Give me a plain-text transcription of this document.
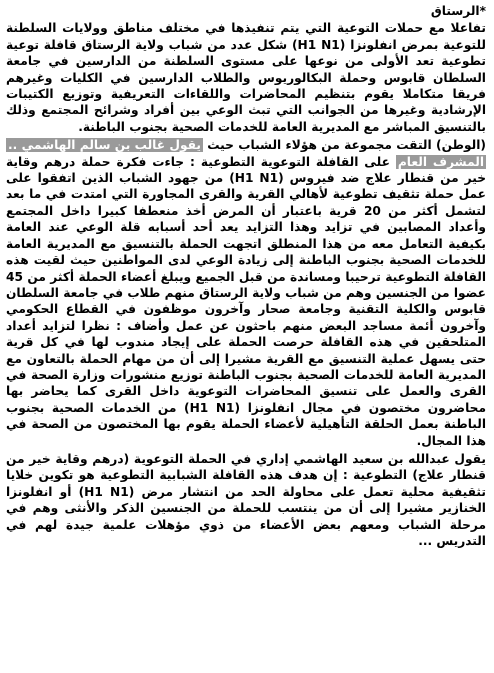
*الرستاق

تفاعلا مع حملات التوعية التي يتم تنفيذها في مختلف مناطق وولايات السلطنة للتوعية بمرض انفلونزا (H1 N1) شكل عدد من شباب ولاية الرستاق قافلة توعية تطوعية تعد الأولى من نوعها على مستوى السلطنة من الدارسين في جامعة السلطان قابوس وحملة البكالوريوس والطلاب الدارسين في الكليات وغيرهم فريقا متكاملا يقوم بتنظيم المحاضرات واللقاءات التعريفية وتوزيع الكتيبات الإرشادية وغيرها من الجوانب التي تبث الوعي بين أفراد وشرائح المجتمع وذلك بالتنسيق المباشر مع المديرية العامة للخدمات الصحية بجنوب الباطنة.

(الوطن) التقت مجموعة من هؤلاء الشباب حيث يقول غالب بن سالم الهاشمي .. المشرف العام على القافلة التوعوية التطوعية : جاءت فكرة حملة درهم وقاية خير من قنطار علاج ضد فيروس (H1 N1) من جهود الشباب الذين اتفقوا على عمل حملة تثقيف تطوعية لأهالي القرية والقرى المجاورة التي امتدت في ما بعد لتشمل أكثر من 20 قرية باعتبار أن المرض أخذ منعطفا كبيرا داخل المجتمع وأعداد المصابين في تزايد وهذا التزايد يعد أحد أسبابه قلة الوعي عند العامة بكيفية التعامل معه من هذا المنطلق اتجهت الحملة بالتنسيق مع المديرية العامة للخدمات الصحية بجنوب الباطنة إلى زيادة الوعي لدى المواطنين حيث لقيت هذه القافلة التطوعية ترحيبا ومساندة من قبل الجميع ويبلغ أعضاء الحملة أكثر من 45 عضوا من الجنسين وهم من شباب ولاية الرستاق منهم طلاب في جامعة السلطان قابوس والكلية التقنية وجامعة صحار وآخرون موظفون في القطاع الحكومي وآخرون أئمة مساجد البعض منهم باحثون عن عمل وأضاف : نظرا لتزايد أعداد المتلحقين في هذه القافلة حرصت الحملة على إيجاد مندوب لها في كل قرية حتى يسهل عملية التنسيق مع القرية مشيرا إلى أن من مهام الحملة بالتعاون مع المديرية العامة للخدمات الصحية بجنوب الباطنة توزيع منشورات وزارة الصحة في القرى والعمل على تنسيق المحاضرات التوعوية داخل القرى كما يحاضر بها محاضرون مختصون في مجال انفلونزا (H1 N1) من الخدمات الصحية بجنوب الباطنة بعمل الحلقة التأهيلية لأعضاء الحملة يقوم بها المختصون من الصحة في هذا المجال.

يقول عبدالله بن سعيد الهاشمي إداري في الحملة التوعوية (درهم وقاية خير من قنطار علاج) التطوعية : إن هدف هذه القافلة الشبابية التطوعية هو تكوين خلايا تثقيفية محلية تعمل على محاولة الحد من انتشار مرض (H1 N1) أو انفلونزا الخنازير مشيرا إلى أن من ينتسب للحملة من الجنسين الذكر والأنثى وهم في مرحلة الشباب ومعهم بعض الأعضاء من ذوي مؤهلات علمية جيدة لهم في التدريس ...
